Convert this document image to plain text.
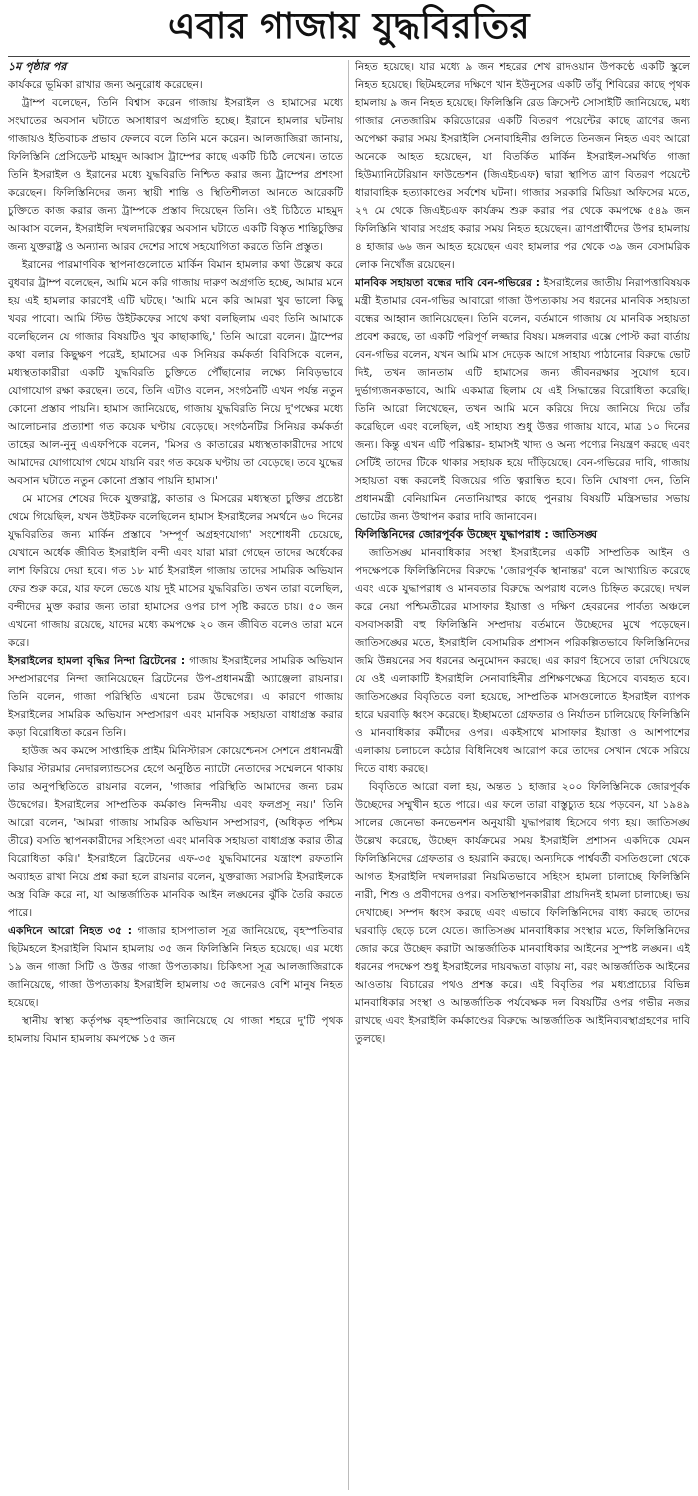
এবার গাজায় যুদ্ধবিরতির
১ম পৃষ্ঠার পর

কার্যকরে ভূমিকা রাখার জন্য অনুরোধ করেছেন।

ট্রাম্প বলেছেন, তিনি বিশ্বাস করেন গাজায় ইসরাইল ও হামাসের মধ্যে সংঘাতের অবসান ঘটাতে অসাধারণ অগ্রগতি হচ্ছে। ইরানে হামলার ঘটনায় গাজায়ও ইতিবাচক প্রভাব ফেলবে বলে তিনি মনে করেন। আলজাজিরা জানায়, ফিলিস্তিনি প্রেসিডেন্ট মাহমুদ আব্বাস ট্রাম্পের কাছে একটি চিঠি লেখেন। তাতে তিনি ইসরাইল ও ইরানের মধ্যে যুদ্ধবিরতি নিশ্চিত করার জন্য ট্রাম্পের প্রশংসা করেছেন। ফিলিস্তিনিদের জন্য স্থায়ী শান্তি ও স্থিতিশীলতা আনতে আরেকটি চুক্তিতে কাজ করার জন্য ট্রাম্পকে প্রস্তাব দিয়েছেন তিনি। ওই চিঠিতে মাহমুদ আব্বাস বলেন, ইসরাইলি দখলদারিত্বের অবসান ঘটাতে একটি বিস্তৃত শান্তিচুক্তির জন্য যুক্তরাষ্ট্র ও অন্যান্য আরব দেশের সাথে সহযোগিতা করতে তিনি প্রস্তুত।

ইরানের পারমাণবিক স্থাপনাগুলোতে মার্কিন বিমান হামলার কথা উল্লেখ করে বুধবার ট্রাম্প বলেছেন, আমি মনে করি গাজায় দারুণ অগ্রগতি হচ্ছে, আমার মনে হয় এই হামলার কারণেই এটি ঘটছে। 'আমি মনে করি আমরা খুব ভালো কিছু খবর পাবো। আমি স্টিভ উইটকফের সাথে কথা বলছিলাম এবং তিনি আমাকে বলেছিলেন যে গাজার বিষয়টিও খুব কাছাকাছি,' তিনি আরো বলেন। ট্রাম্পের কথা বলার কিছুক্ষণ পরেই, হামাসের এক সিনিয়র কর্মকর্তা বিবিসিকে বলেন, মধ্যস্থতাকারীরা একটি যুদ্ধবিরতি চুক্তিতে পৌঁছানোর লক্ষ্যে নিবিড়ভাবে যোগাযোগ রক্ষা করছেন। তবে, তিনি এটাও বলেন, সংগঠনটি এখন পর্যন্ত নতুন কোনো প্রস্তাব পায়নি। হামাস জানিয়েছে, গাজায় যুদ্ধবিরতি নিয়ে দু'পক্ষের মধ্যে আলোচনার প্রত্যাশা গত কয়েক ঘণ্টায় বেড়েছে। সংগঠনটির সিনিয়র কর্মকর্তা তাহের আল-নুনু এএফপিকে বলেন, 'মিসর ও কাতারের মধ্যস্থতাকারীদের সাথে আমাদের যোগাযোগ থেমে যায়নি বরং গত কয়েক ঘণ্টায় তা বেড়েছে। তবে যুদ্ধের অবসান ঘটাতে নতুন কোনো প্রস্তাব পায়নি হামাস।'

মে মাসের শেষের দিকে যুক্তরাষ্ট্র, কাতার ও মিসরের মধ্যস্থতা চুক্তির প্রচেষ্টা থেমে গিয়েছিল, যখন উইটকফ বলেছিলেন হামাস ইসরাইলের সমর্থনে ৬০ দিনের যুদ্ধবিরতির জন্য মার্কিন প্রস্তাবে 'সম্পূর্ণ অগ্রহণযোগ্য' সংশোধনী চেয়েছে, যেখানে অর্ধেক জীবিত ইসরাইলি বন্দী এবং যারা মারা গেছেন তাদের অর্ধেকের লাশ ফিরিয়ে দেয়া হবে। গত ১৮ মার্চ ইসরাইল গাজায় তাদের সামরিক অভিযান ফের শুরু করে, যার ফলে ভেঙে যায় দুই মাসের যুদ্ধবিরতি। তখন তারা বলেছিল, বন্দীদের মুক্ত করার জন্য তারা হামাসের ওপর চাপ সৃষ্টি করতে চায়। ৫০ জন এখনো গাজায় রয়েছে, যাদের মধ্যে কমপক্ষে ২০ জন জীবিত বলেও তারা মনে করে।

ইসরাইলের হামলা বৃদ্ধির নিন্দা ব্রিটেনের : গাজায় ইসরাইলের সামরিক অভিযান সম্প্রসারণের নিন্দা জানিয়েছেন ব্রিটেনের উপ-প্রধানমন্ত্রী অ্যাঞ্জেলা রায়নার। তিনি বলেন, গাজা পরিস্থিতি এখনো চরম উদ্বেগের। এ কারণে গাজায় ইসরাইলের সামরিক অভিযান সম্প্রসারণ এবং মানবিক সহায়তা বাধাগ্রস্ত করার কড়া বিরোধিতা করেন তিনি।

হাউজ অব কমন্সে সাপ্তাহিক প্রাইম মিনিস্টারস কোয়েশ্চেনস সেশনে প্রধানমন্ত্রী কিয়ার স্টারমার নেদারল্যান্ডসের হেগে অনুষ্ঠিত ন্যাটো নেতাদের সম্মেলনে থাকায় তার অনুপস্থিতিতে রায়নার বলেন, 'গাজার পরিস্থিতি আমাদের জন্য চরম উদ্বেগের। ইসরাইলের সাম্প্রতিক কর্মকাণ্ড নিন্দনীয় এবং ফলপ্রসূ নয়।' তিনি আরো বলেন, 'আমরা গাজায় সামরিক অভিযান সম্প্রসারণ, (অধিকৃত পশ্চিম তীরে) বসতি স্থাপনকারীদের সহিংসতা এবং মানবিক সহায়তা বাধাগ্রস্ত করার তীব্র বিরোধিতা করি।' ইসরাইলে ব্রিটেনের এফ-৩৫ যুদ্ধবিমানের যন্ত্রাংশ রফতানি অব্যাহত রাখা নিয়ে প্রশ্ন করা হলে রায়নার বলেন, যুক্তরাজ্য সরাসরি ইসরাইলকে অস্ত্র বিক্রি করে না, যা আন্তর্জাতিক মানবিক আইন লঙ্ঘনের ঝুঁকি তৈরি করতে পারে।

একদিনে আরো নিহত ৩৫ : গাজার হাসপাতাল সূত্র জানিয়েছে, বৃহস্পতিবার ছিটমহলে ইসরাইলি বিমান হামলায় ৩৫ জন ফিলিস্তিনি নিহত হয়েছে। এর মধ্যে ১৯ জন গাজা সিটি ও উত্তর গাজা উপত্যকায়। চিকিৎসা সূত্র আলজাজিরাকে জানিয়েছে, গাজা উপত্যকায় ইসরাইলি হামলায় ৩৫ জনেরও বেশি মানুষ নিহত হয়েছে।

স্থানীয় স্বাস্থ্য কর্তৃপক্ষ বৃহস্পতিবার জানিয়েছে যে গাজা শহরে দু'টি পৃথক হামলায় বিমান হামলায় কমপক্ষে ১৫ জন

নিহত হয়েছে। যার মধ্যে ৯ জন শহরের শেখ রাদওয়ান উপকণ্ঠে একটি স্কুলে নিহত হয়েছে। ছিটমহলের দক্ষিণে খান ইউনুসের একটি তাঁবু শিবিরের কাছে পৃথক হামলায় ৯ জন নিহত হয়েছে। ফিলিস্তিনি রেড ক্রিসেন্ট সোসাইটি জানিয়েছে, মধ্য গাজার নেতজারিম করিডোরের একটি বিতরণ পয়েন্টের কাছে ত্রাণের জন্য অপেক্ষা করার সময় ইসরাইলি সেনাবাহিনীর গুলিতে তিনজন নিহত এবং আরো অনেকে আহত হয়েছেন, যা বিতর্কিত মার্কিন ইসরাইল-সমর্থিত গাজা হিউম্যানিটেরিয়ান ফাউন্ডেশন (জিএইচএফ) দ্বারা স্থাপিত ত্রাণ বিতরণ পয়েন্টে ধারাবাহিক হত্যাকাণ্ডের সর্বশেষ ঘটনা। গাজার সরকারি মিডিয়া অফিসের মতে, ২৭ মে থেকে জিএইচএফ কার্যক্রম শুরু করার পর থেকে কমপক্ষে ৫৪৯ জন ফিলিস্তিনি খাবার সংগ্রহ করার সময় নিহত হয়েছেন। ত্রাণপ্রার্থীদের উপর হামলায় ৪ হাজার ৬৬ জন আহত হয়েছেন এবং হামলার পর থেকে ৩৯ জন বেসামরিক লোক নিখোঁজ রয়েছেন।

মানবিক সহায়তা বন্ধের দাবি বেন-গভিরের : ইসরাইলের জাতীয় নিরাপত্তাবিষয়ক মন্ত্রী ইতামার বেন-গভির আবারো গাজা উপত্যকায় সব ধরনের মানবিক সহায়তা বন্ধের আহ্বান জানিয়েছেন। তিনি বলেন, বর্তমানে গাজায় যে মানবিক সহায়তা প্রবেশ করছে, তা একটি পরিপূর্ণ লজ্জার বিষয়। মঙ্গলবার এক্সে পোস্ট করা বার্তায় বেন-গভির বলেন, যখন আমি মাস দেড়েক আগে সাহায্য পাঠানোর বিরুদ্ধে ভোট দিই, তখন জানতাম এটি হামাসের জন্য জীবনরক্ষার সুযোগ হবে। দুর্ভাগ্যজনকভাবে, আমি একমাত্র ছিলাম যে এই সিদ্ধান্তের বিরোধিতা করেছি। তিনি আরো লিখেছেন, তখন আমি মনে করিয়ে দিয়ে জানিয়ে দিয়ে তাঁর করেছিলে এবং বলেছিল, এই সাহায্য শুধু উত্তর গাজায় যাবে, মাত্র ১০ দিনের জন্য। কিন্তু এখন এটি পরিষ্কার- হামাসই খাদ্য ও অন্য পণ্যের নিয়ন্ত্রণ করছে এবং সেটিই তাদের টিকে থাকার সহায়ক হয়ে দাঁড়িয়েছে। বেন-গভিরের দাবি, গাজায় সহায়তা বন্ধ করলেই বিজয়ের গতি ত্বরান্বিত হবে। তিনি ঘোষণা দেন, তিনি প্রধানমন্ত্রী বেনিয়ামিন নেতানিয়াহুর কাছে পুনরায় বিষয়টি মন্ত্রিসভার সভায় ভোটের জন্য উত্থাপন করার দাবি জানাবেন।

ফিলিস্তিনিদের জোরপূর্বক উচ্ছেদ যুদ্ধাপরাধ : জাতিসঙ্ঘ

জাতিসঙ্ঘ মানবাধিকার সংস্থা ইসরাইলের একটি সাম্প্রতিক আইন ও পদক্ষেপকে ফিলিস্তিনিদের বিরুদ্ধে 'জোরপূর্বক স্থানান্তর' বলে আখ্যায়িত করেছে এবং একে যুদ্ধাপরাধ ও মানবতার বিরুদ্ধে অপরাধ বলেও চিহ্নিত করেছে। দখল করে নেয়া পশ্চিমতীরের মাসাফার ইয়াত্তা ও দক্ষিণ হেবরনের পার্বত্য অঞ্চলে বসবাসকারী বহু ফিলিস্তিনি সম্প্রদায় বর্তমানে উচ্ছেদের মুখে পড়েছেন। জাতিসঙ্ঘের মতে, ইসরাইলি বেসামরিক প্রশাসন পরিকল্পিতভাবে ফিলিস্তিনিদের জমি উন্নয়নের সব ধরনের অনুমোদন করছে। এর কারণ হিসেবে তারা দেখিয়েছে যে ওই এলাকাটি ইসরাইলি সেনাবাহিনীর প্রশিক্ষণক্ষেত্র হিসেবে ব্যবহৃত হবে। জাতিসঙ্ঘের বিবৃতিতে বলা হয়েছে, সাম্প্রতিক মাসগুলোতে ইসরাইল ব্যাপক হারে ঘরবাড়ি ধ্বংস করেছে। ইচ্ছামতো গ্রেফতার ও নির্যাতন চালিয়েছে ফিলিস্তিনি ও মানবাধিকার কর্মীদের ওপর। একইসাথে মাসাফার ইয়াত্তা ও আশপাশের এলাকায় চলাচলে কঠোর বিধিনিষেধ আরোপ করে তাদের সেখান থেকে সরিয়ে দিতে বাধ্য করছে।

বিবৃতিতে আরো বলা হয়, অন্তত ১ হাজার ২০০ ফিলিস্তিনিকে জোরপূর্বক উচ্ছেদের সম্মুখীন হতে পারে। এর ফলে তারা বাস্তুচ্যুত হয়ে পড়বেন, যা ১৯৪৯ সালের জেনেভা কনভেনশন অনুযায়ী যুদ্ধাপরাধ হিসেবে গণ্য হয়। জাতিসঙ্ঘ উল্লেখ করেছে, উচ্ছেদ কার্যক্রমের সময় ইসরাইলি প্রশাসন একদিকে যেমন ফিলিস্তিনিদের গ্রেফতার ও হয়রানি করছে। অন্যদিকে পার্শ্ববর্তী বসতিগুলো থেকে আগত ইসরাইলি দখলদাররা নিয়মিতভাবে সহিংস হামলা চালাচ্ছে ফিলিস্তিনি নারী, শিশু ও প্রবীণদের ওপর। বসতিস্থাপনকারীরা প্রায়দিনই হামলা চালাচ্ছে। ভয় দেখাচ্ছে। সম্পদ ধ্বংস করছে এবং এভাবে ফিলিস্তিনিদের বাধ্য করছে তাদের ঘরবাড়ি ছেড়ে চলে যেতে। জাতিসঙ্ঘ মানবাধিকার সংস্থার মতে, ফিলিস্তিনিদের জোর করে উচ্ছেদ করাটা আন্তর্জাতিক মানবাধিকার আইনের সুস্পষ্ট লঙ্ঘন। এই ধরনের পদক্ষেপ শুধু ইসরাইলের দায়বদ্ধতা বাড়ায় না, বরং আন্তর্জাতিক আইনের আওতায় বিচারের পথও প্রশস্ত করে। এই বিবৃতির পর মধ্যপ্রাচ্যের বিভিন্ন মানবাধিকার সংস্থা ও আন্তর্জাতিক পর্যবেক্ষক দল বিষয়টির ওপর গভীর নজর রাখছে এবং ইসরাইলি কর্মকাণ্ডের বিরুদ্ধে আন্তর্জাতিক আইনিব্যবস্থাগ্রহণের দাবি তুলছে।
